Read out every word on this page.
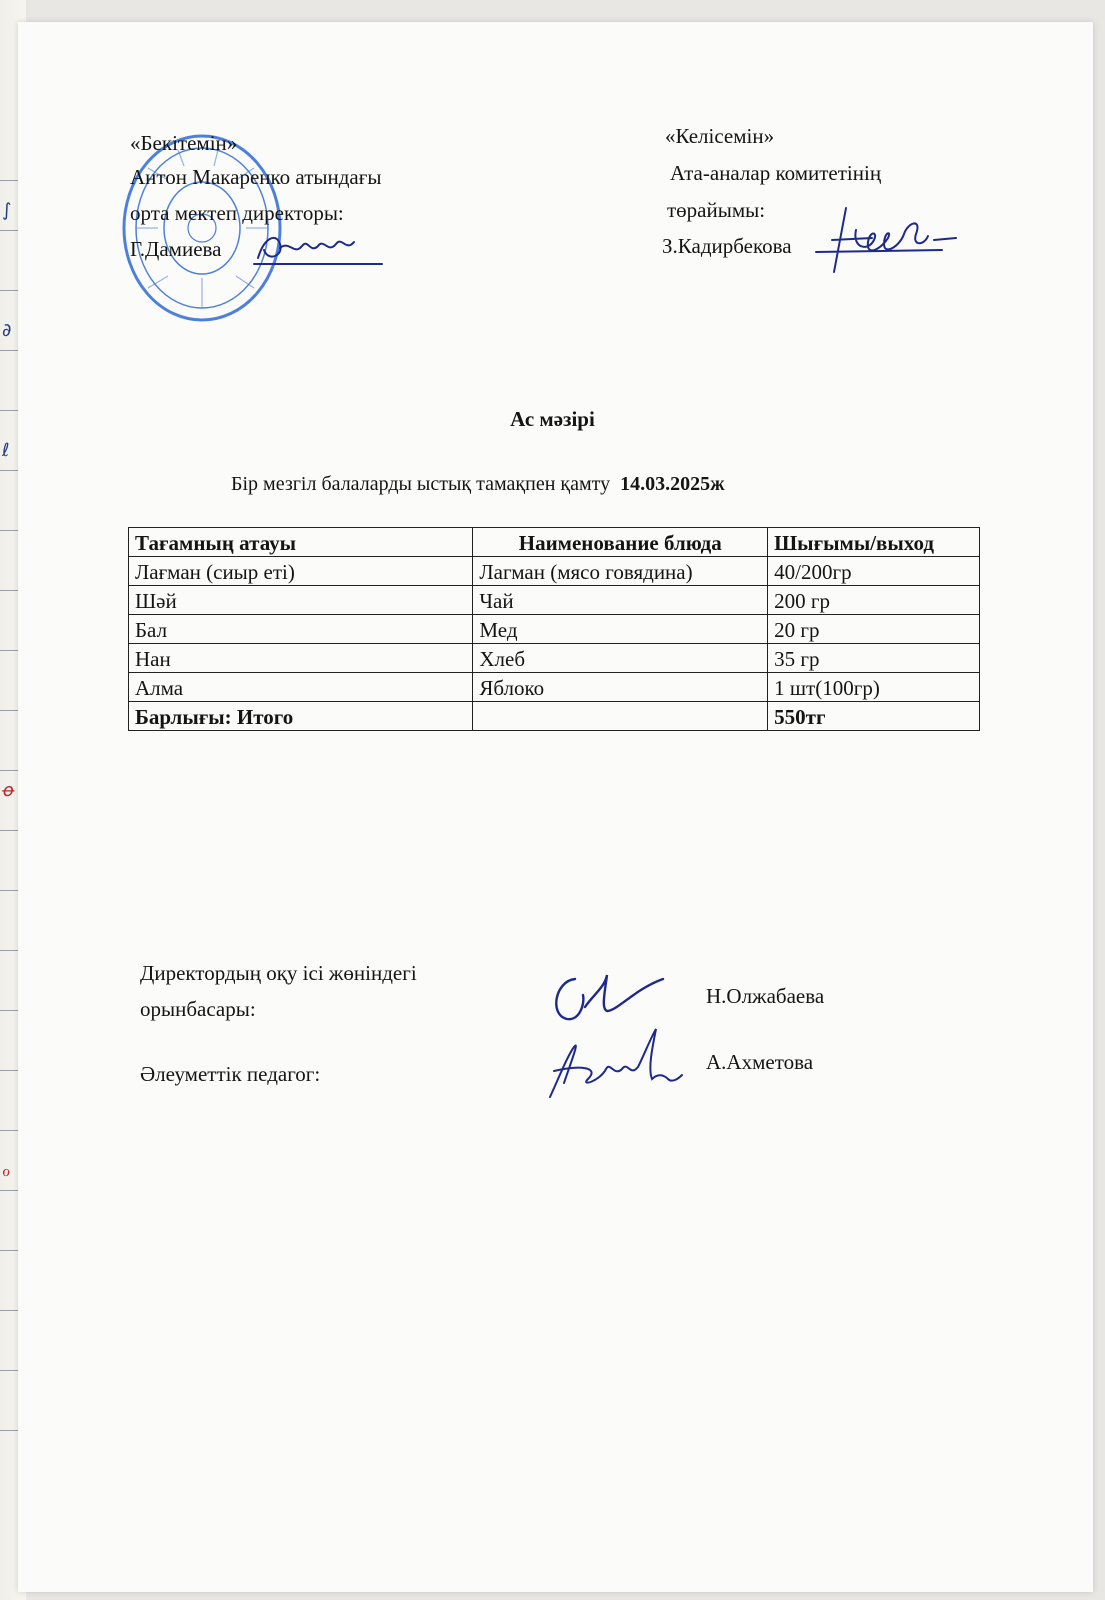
∫
∂
ℓ
ꝋ
ℴ
«Бекітемін»
Антон Макаренко атындағы
орта мектеп директоры:
Г.Дамиева
«Келісемін»
Ата-аналар комитетінің
төрайымы:
З.Кадирбекова
Ас мәзірі
Бір мезгіл балаларды ыстық тамақпен қамту 14.03.2025ж
Тағамның атауы	Наименование блюда	Шығымы/выход
Лағман (сиыр еті)	Лагман (мясо говядина)	40/200гр
Шәй	Чай	200 гр
Бал	Мед	20 гр
Нан	Хлеб	35 гр
Алма	Яблоко	1 шт(100гр)
Барлығы: Итого		550тг
Директордың оқу ісі жөніндегі
орынбасары:
Н.Олжабаева
Әлеуметтік педагог:	А.Ахметова
